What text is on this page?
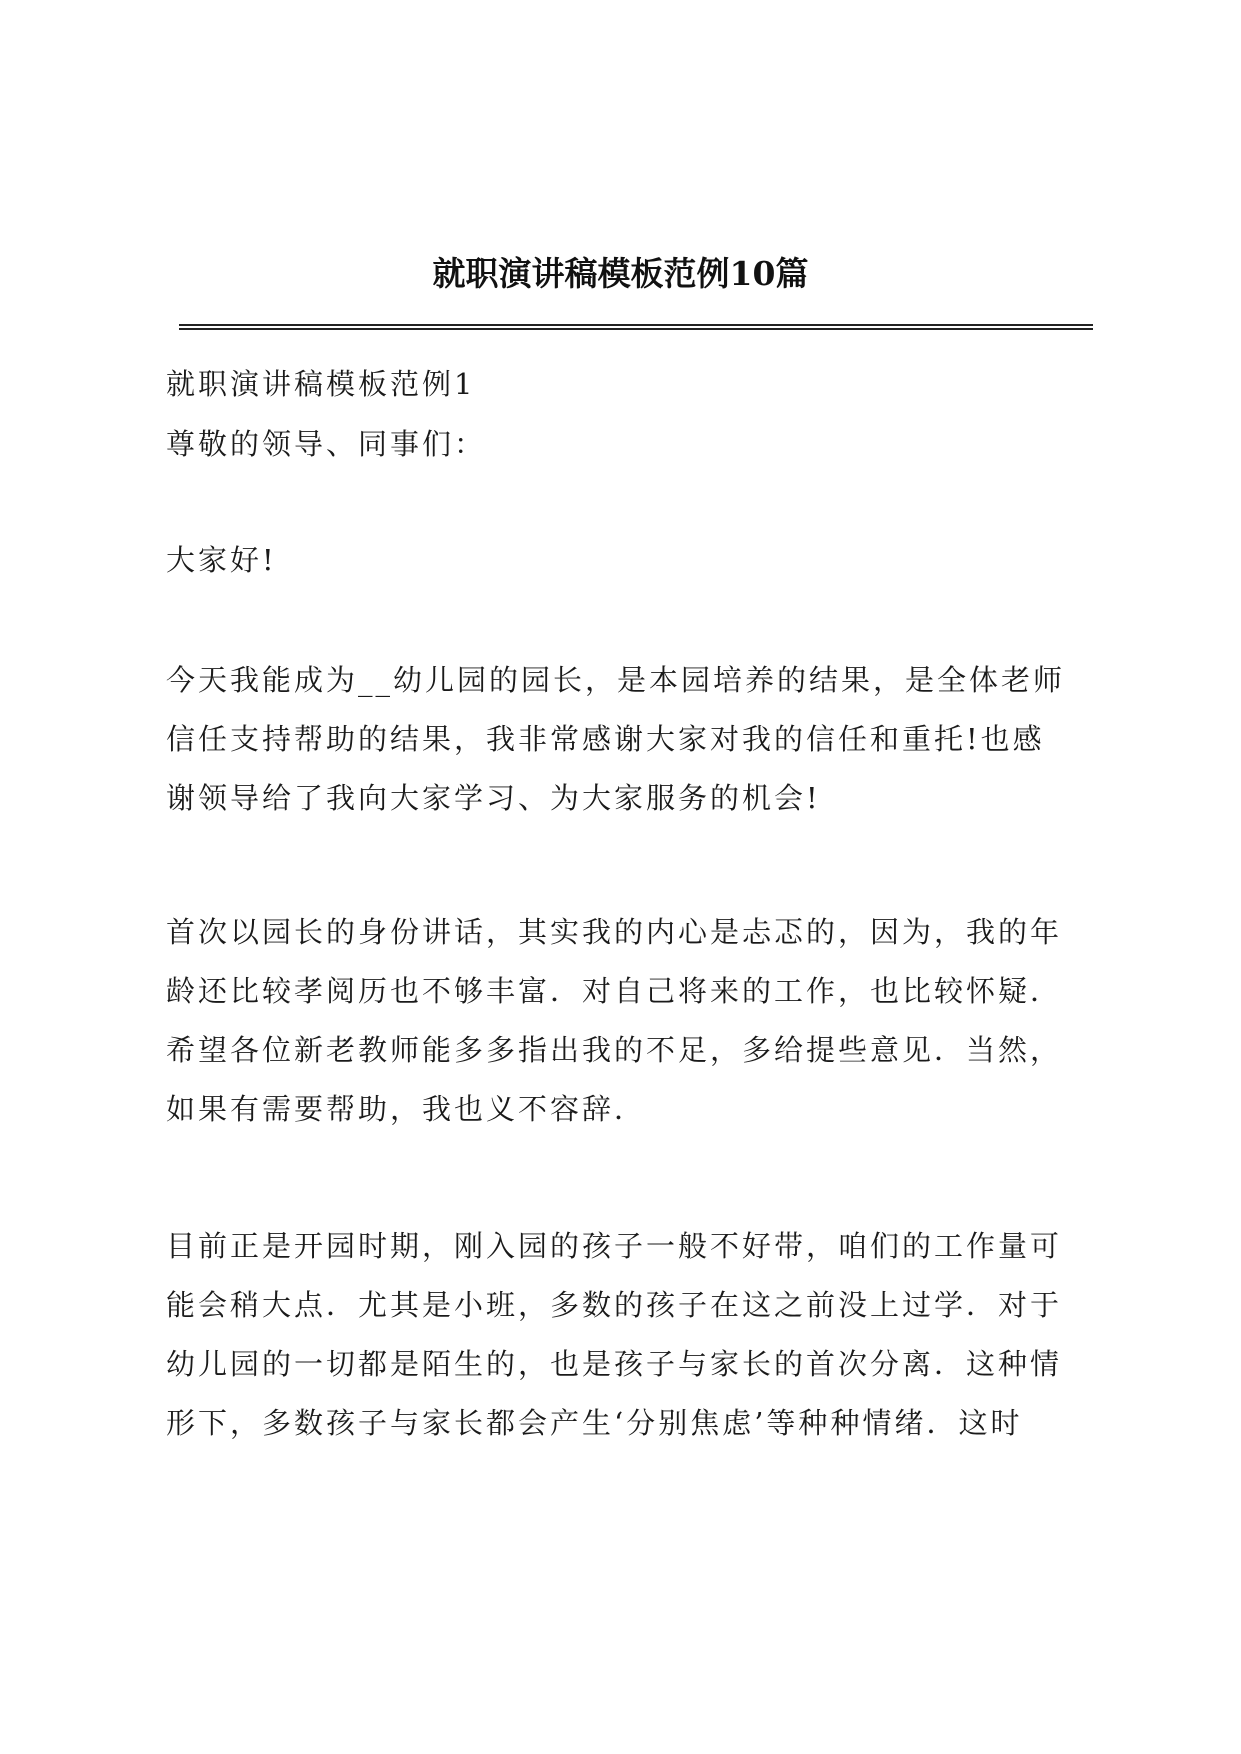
就职演讲稿模板范例10篇

就职演讲稿模板范例1

尊敬的领导、同事们：

大家好!

今天我能成为__幼儿园的园长，是本园培养的结果，是全体老师

信任支持帮助的结果，我非常感谢大家对我的信任和重托!也感

谢领导给了我向大家学习、为大家服务的机会!

首次以园长的身份讲话，其实我的内心是忐忑的，因为，我的年

龄还比较孝阅历也不够丰富．对自己将来的工作，也比较怀疑．

希望各位新老教师能多多指出我的不足，多给提些意见．当然，

如果有需要帮助，我也义不容辞．

目前正是开园时期，刚入园的孩子一般不好带，咱们的工作量可

能会稍大点．尤其是小班，多数的孩子在这之前没上过学．对于

幼儿园的一切都是陌生的，也是孩子与家长的首次分离．这种情

形下，多数孩子与家长都会产生‘分别焦虑’等种种情绪．这时
